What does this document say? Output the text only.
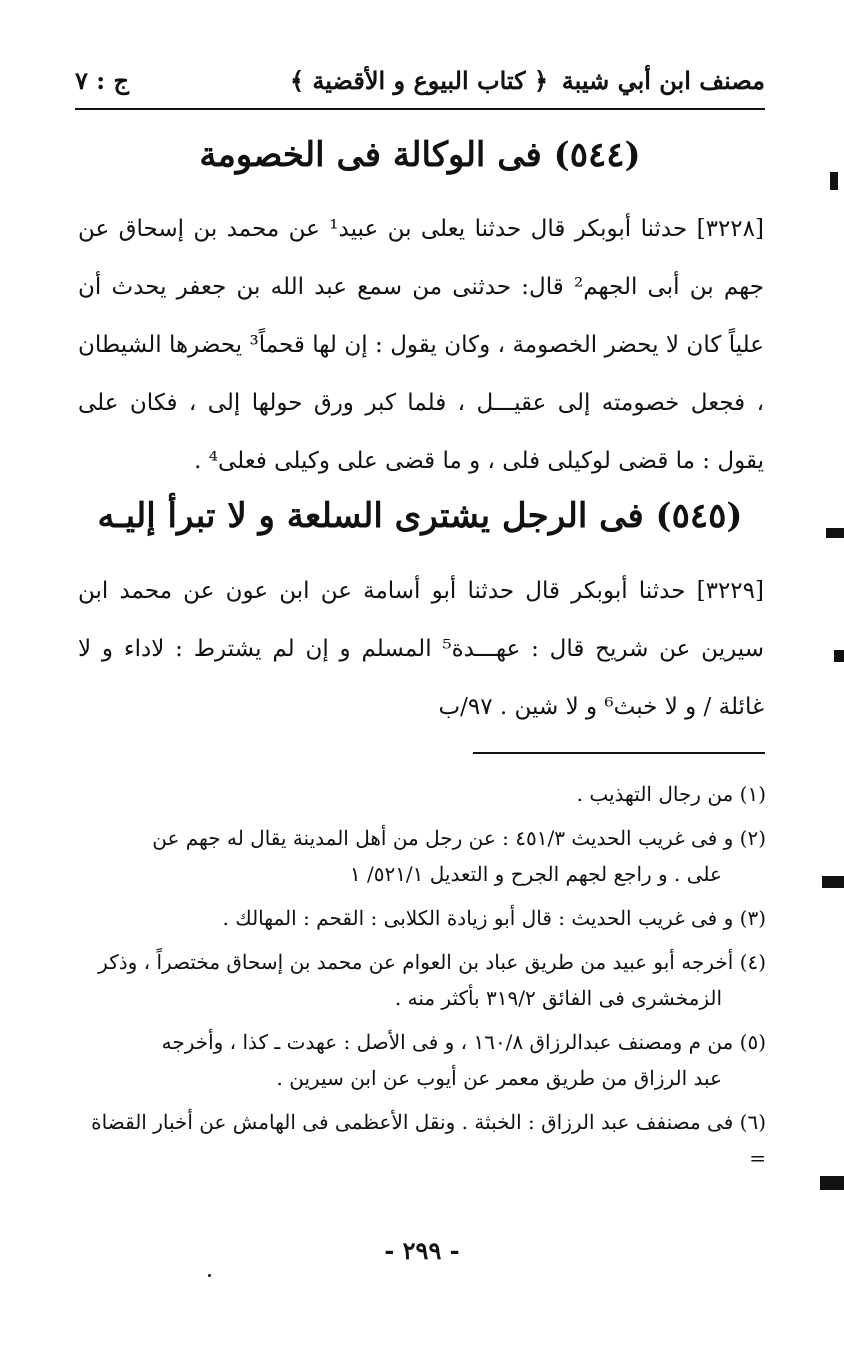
مصنف ابن أبي شيبة
﴿ كتاب البيوع و الأقضية ﴾
ج : ٧
(٥٤٤) فى الوكالة فى الخصومة
[٣٢٢٨] حدثنا أبوبكر قال حدثنا يعلى بن عبيد¹ عن محمد بن إسحاق عن جهم بن أبى الجهم² قال: حدثنى من سمع عبد الله بن جعفر يحدث أن علياً كان لا يحضر الخصومة ، وكان يقول : إن لها قحماً³ يحضرها الشيطان ، فجعل خصومته إلى عقيـــل ، فلما كبر ورق حولها إلى ، فكان على يقول : ما قضى لوكيلى فلى ، و ما قضى على وكيلى فعلى⁴ .
(٥٤٥) فى الرجل يشترى السلعة و لا تبرأ إليـه
[٣٢٢٩] حدثنا أبوبكر قال حدثنا أبو أسامة عن ابن عون عن محمد ابن سيرين عن شريح قال : عهـــدة⁵ المسلم و إن لم يشترط : لاداء و لا غائلة / و لا خبث⁶ و لا شين . ٩٧/ب
(١) من رجال التهذيب .
(٢) و فى غريب الحديث ٤٥١/٣ : عن رجل من أهل المدينة يقال له جهم عن
على . و راجع لجهم الجرح و التعديل ٥٢١/١/ ١
(٣) و فى غريب الحديث : قال أبو زيادة الكلابى : القحم : المهالك .
(٤) أخرجه أبو عبيد من طريق عباد بن العوام عن محمد بن إسحاق مختصراً ، وذكر
الزمخشرى فى الفائق ٣١٩/٢ بأكثر منه .
(٥) من م ومصنف عبدالرزاق ١٦٠/٨ ، و فى الأصل : عهدت ـ كذا ، وأخرجه
عبد الرزاق من طريق معمر عن أيوب عن ابن سيرين .
(٦) فى مصنفف عبد الرزاق : الخبثة . ونقل الأعظمى فى الهامش عن أخبار القضاة =
- ٢٩٩ -
